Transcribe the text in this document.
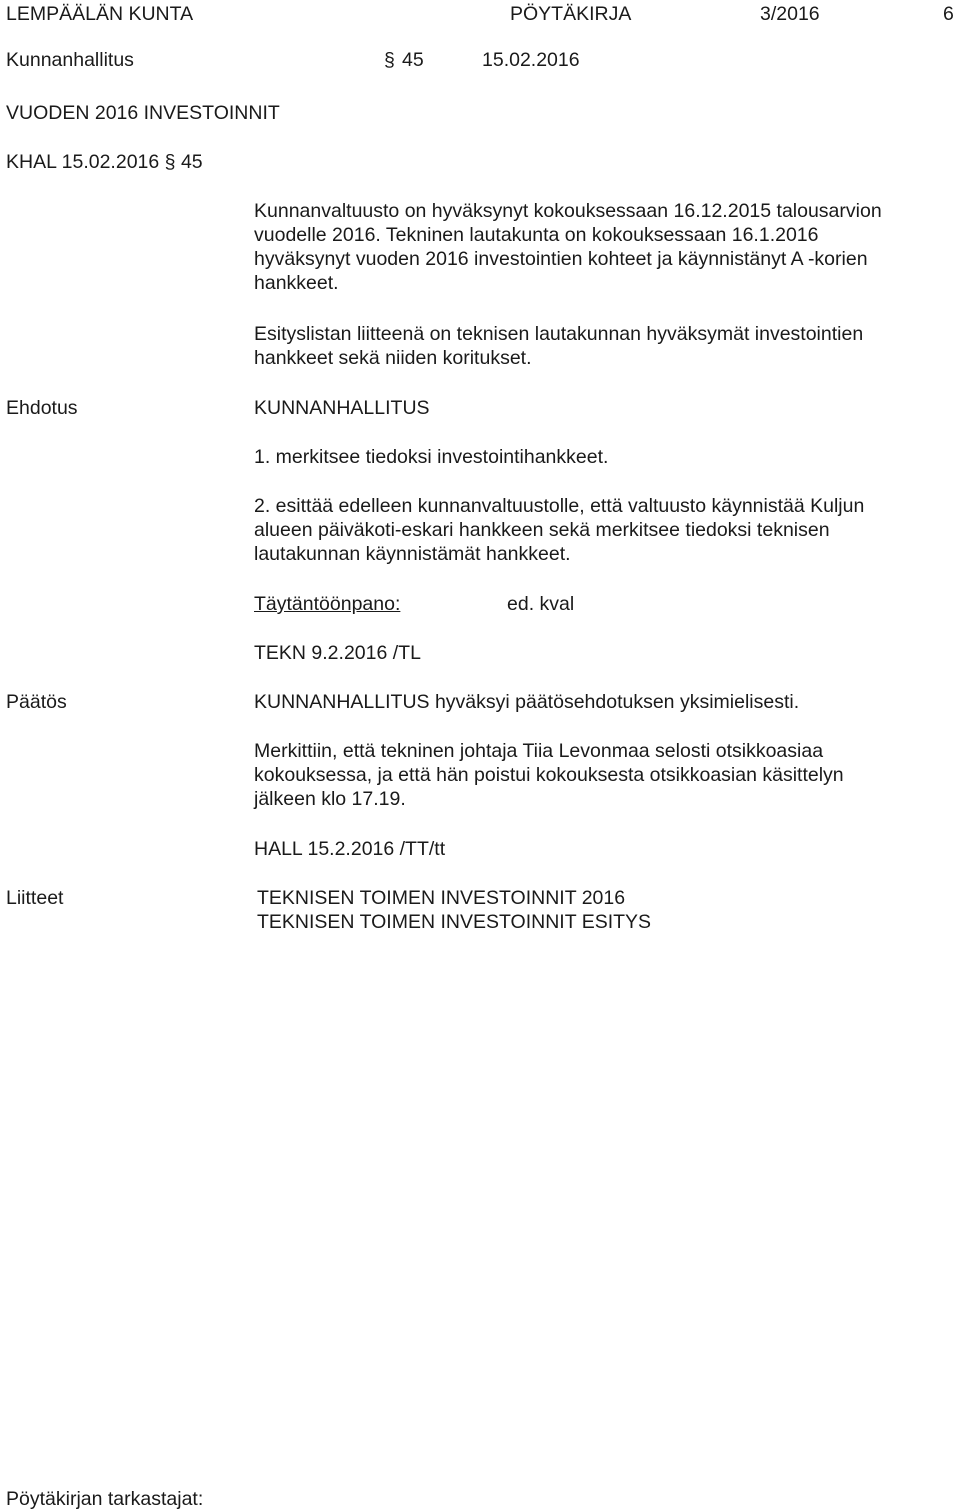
LEMPÄÄLÄN KUNTA	PÖYTÄKIRJA	3/2016	6
Kunnanhallitus	§ 45	15.02.2016
VUODEN 2016 INVESTOINNIT
KHAL 15.02.2016 § 45

Kunnanvaltuusto on hyväksynyt kokouksessaan 16.12.2015 talousarvion

vuodelle 2016. Tekninen lautakunta on kokouksessaan 16.1.2016

hyväksynyt vuoden 2016 investointien kohteet ja käynnistänyt A -korien

hankkeet.

Esityslistan liitteenä on teknisen lautakunnan hyväksymät investointien

hankkeet sekä niiden koritukset.

Ehdotus	KUNNANHALLITUS
1. merkitsee tiedoksi investointihankkeet.

2. esittää edelleen kunnanvaltuustolle, että valtuusto käynnistää Kuljun

alueen päiväkoti-eskari hankkeen sekä merkitsee tiedoksi teknisen

lautakunnan käynnistämät hankkeet.

Täytäntöönpano:	ed. kval
TEKN 9.2.2016 /TL
Päätös	KUNNANHALLITUS hyväksyi päätösehdotuksen yksimielisesti.

Merkittiin, että tekninen johtaja Tiia Levonmaa selosti otsikkoasiaa

kokouksessa, ja että hän poistui kokouksesta otsikkoasian käsittelyn

jälkeen klo 17.19.

HALL 15.2.2016 /TT/tt
Liitteet	TEKNISEN TOIMEN INVESTOINNIT 2016
TEKNISEN TOIMEN INVESTOINNIT ESITYS
Pöytäkirjan tarkastajat:
